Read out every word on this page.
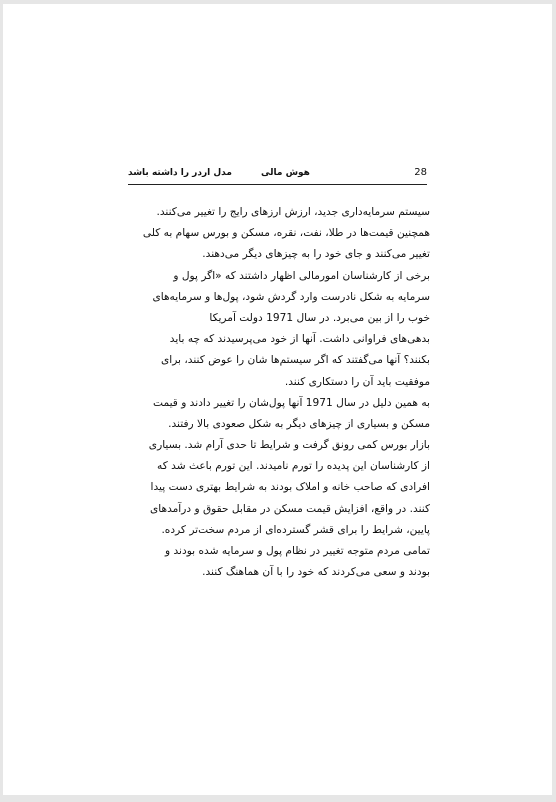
مدل اردر را داشته باشد	هوش مالی	28
سیستم سرمایه‌داری جدید، ارزش ارزهای رایج را تغییر می‌کنند.
همچنین قیمت‌ها در طلا، نفت، نقره، مسکن و بورس سهام به کلی
تغییر می‌کنند و جای خود را به چیزهای دیگر می‌دهند.
برخی از کارشناسان امورمالی اظهار داشتند که «اگر پول و
سرمایه به شکل نادرست وارد گردش شود، پول‌ها و سرمایه‌های
خوب را از بین می‌برد. در سال 1971 دولت آمریکا
بدهی‌های فراوانی داشت. آنها از خود می‌پرسیدند که چه باید
بکنند؟ آنها می‌گفتند که اگر سیستم‌ها شان را عوض کنند، برای
موفقیت باید آن را دستکاری کنند.
به همین دلیل در سال 1971 آنها پول‌شان را تغییر دادند و قیمت
مسکن و بسیاری از چیزهای دیگر به شکل صعودی بالا رفتند.
بازار بورس کمی رونق گرفت و شرایط تا حدی آرام شد. بسیاری
از کارشناسان این پدیده را تورم نامیدند. این تورم باعث شد که
افرادی که صاحب خانه و املاک بودند به شرایط بهتری دست پیدا
کنند. در واقع، افزایش قیمت مسکن در مقابل حقوق و درآمدهای
پایین، شرایط را برای قشر گسترده‌ای از مردم سخت‌تر کرده.
تمامی مردم متوجه تغییر در نظام پول و سرمایه شده بودند و
بودند و سعی می‌کردند که خود را با آن هماهنگ کنند.
